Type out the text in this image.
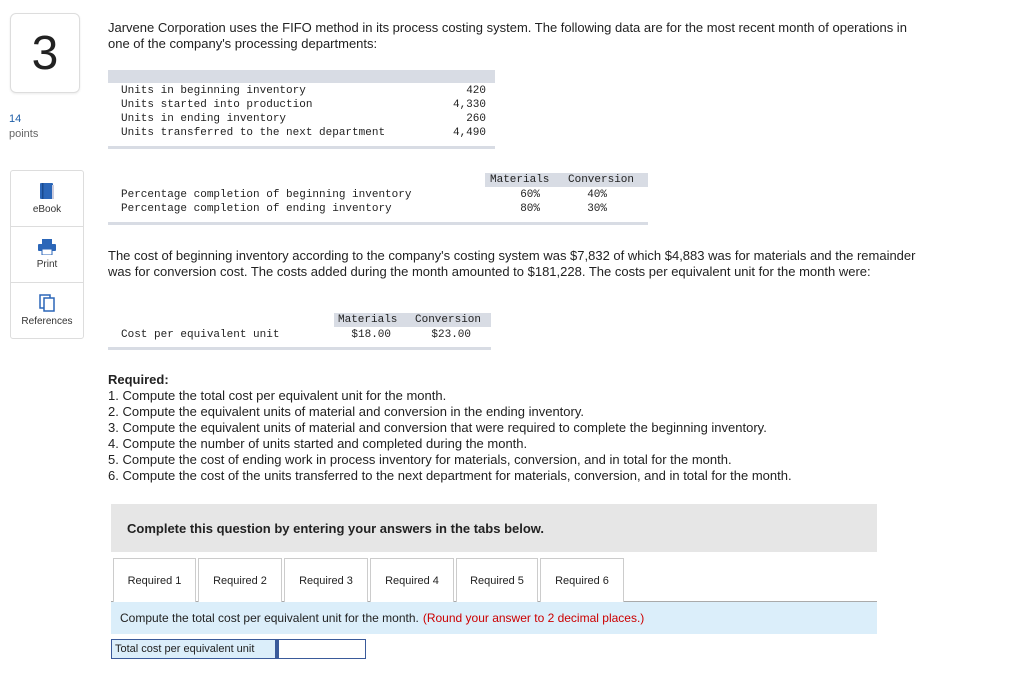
3
14
points
eBook
Print
References
Jarvene Corporation uses the FIFO method in its process costing system. The following data are for the most recent month of operations in one of the company's processing departments:
Units in beginning inventory	420
Units started into production	4,330
Units in ending inventory	260
Units transferred to the next department	4,490
Materials Conversion
Percentage completion of beginning inventory	60%	40%
Percentage completion of ending inventory	80%	30%
The cost of beginning inventory according to the company's costing system was $7,832 of which $4,883 was for materials and the remainder was for conversion cost. The costs added during the month amounted to $181,228. The costs per equivalent unit for the month were:
Materials Conversion
Cost per equivalent unit	$18.00	$23.00
Required:
1. Compute the total cost per equivalent unit for the month.
2. Compute the equivalent units of material and conversion in the ending inventory.
3. Compute the equivalent units of material and conversion that were required to complete the beginning inventory.
4. Compute the number of units started and completed during the month.
5. Compute the cost of ending work in process inventory for materials, conversion, and in total for the month.
6. Compute the cost of the units transferred to the next department for materials, conversion, and in total for the month.
Complete this question by entering your answers in the tabs below.
Required 1	Required 2	Required 3	Required 4	Required 5	Required 6
Compute the total cost per equivalent unit for the month. (Round your answer to 2 decimal places.)
Total cost per equivalent unit
